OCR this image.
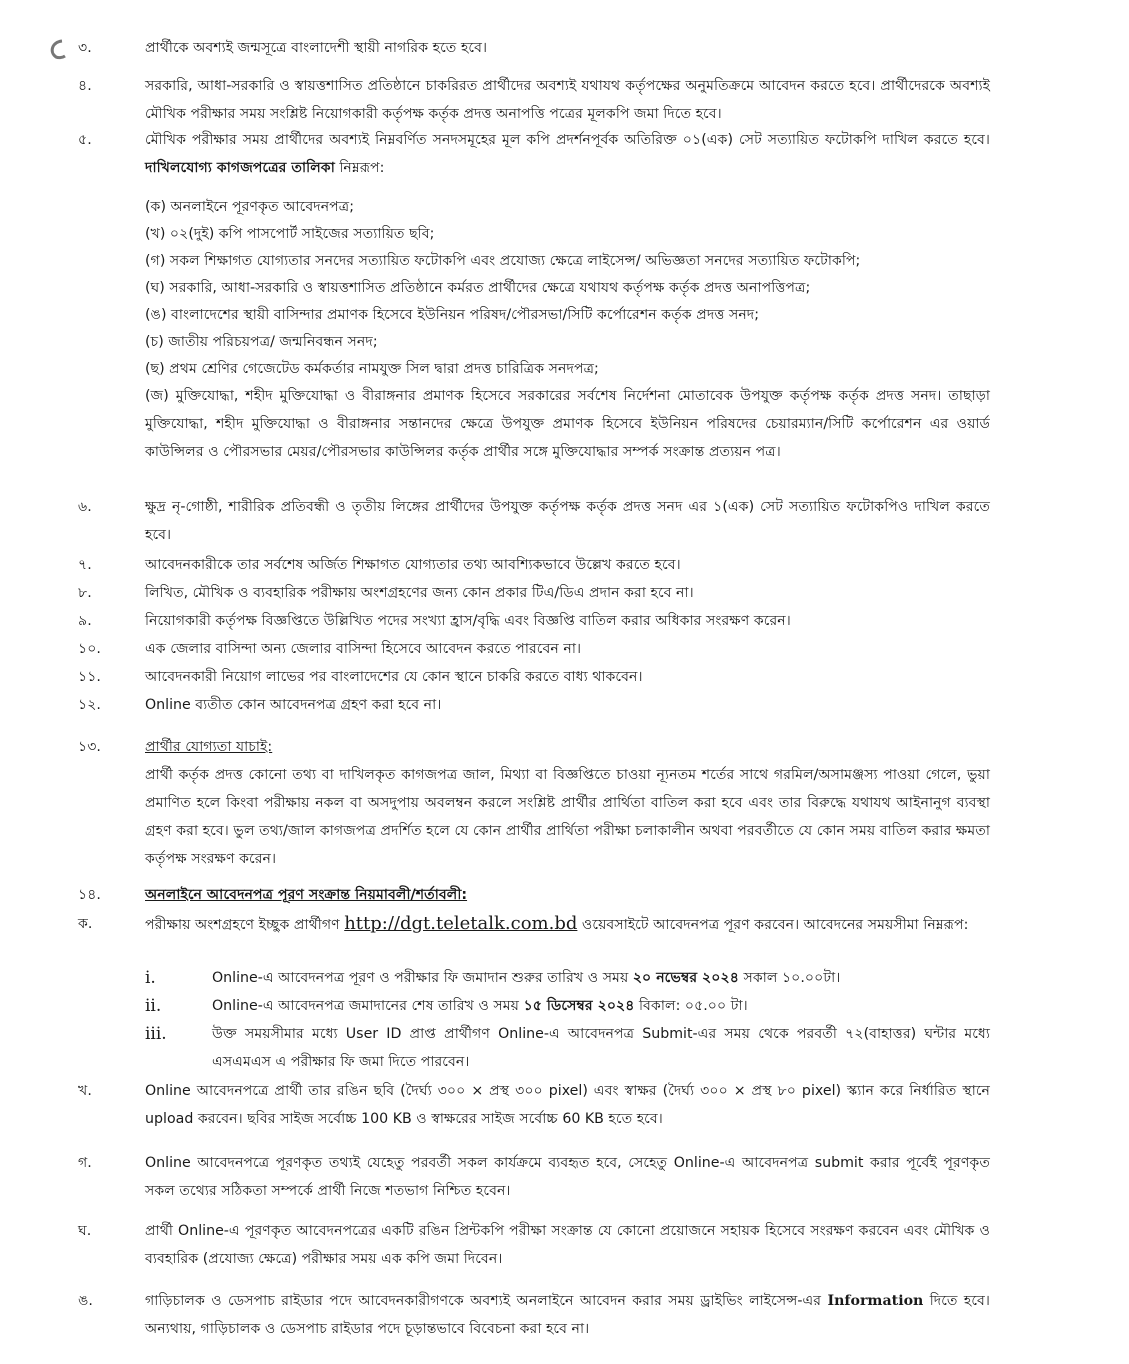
৩.	প্রার্থীকে অবশ্যই জন্মসূত্রে বাংলাদেশী স্থায়ী নাগরিক হতে হবে।
৪.	সরকারি, আধা-সরকারি ও স্বায়ত্তশাসিত প্রতিষ্ঠানে চাকরিরত প্রার্থীদের অবশ্যই যথাযথ কর্তৃপক্ষের অনুমতিক্রমে আবেদন করতে হবে। প্রার্থীদেরকে অবশ্যই মৌখিক পরীক্ষার সময় সংশ্লিষ্ট নিয়োগকারী কর্তৃপক্ষ কর্তৃক প্রদত্ত অনাপত্তি পত্রের মূলকপি জমা দিতে হবে।
৫.	মৌখিক পরীক্ষার সময় প্রার্থীদের অবশ্যই নিম্নবর্ণিত সনদসমূহের মূল কপি প্রদর্শনপূর্বক অতিরিক্ত ০১(এক) সেট সত্যায়িত ফটোকপি দাখিল করতে হবে। দাখিলযোগ্য কাগজপত্রের তালিকা নিম্নরূপ:
(ক) অনলাইনে পূরণকৃত আবেদনপত্র;
(খ) ০২(দুই) কপি পাসপোর্ট সাইজের সত্যায়িত ছবি;
(গ) সকল শিক্ষাগত যোগ্যতার সনদের সত্যায়িত ফটোকপি এবং প্রযোজ্য ক্ষেত্রে লাইসেন্স/ অভিজ্ঞতা সনদের সত্যায়িত ফটোকপি;
(ঘ) সরকারি, আধা-সরকারি ও স্বায়ত্তশাসিত প্রতিষ্ঠানে কর্মরত প্রার্থীদের ক্ষেত্রে যথাযথ কর্তৃপক্ষ কর্তৃক প্রদত্ত অনাপত্তিপত্র;
(ঙ) বাংলাদেশের স্থায়ী বাসিন্দার প্রমাণক হিসেবে ইউনিয়ন পরিষদ/পৌরসভা/সিটি কর্পোরেশন কর্তৃক প্রদত্ত সনদ;
(চ) জাতীয় পরিচয়পত্র/ জন্মনিবন্ধন সনদ;
(ছ) প্রথম শ্রেণির গেজেটেড কর্মকর্তার নামযুক্ত সিল দ্বারা প্রদত্ত চারিত্রিক সনদপত্র;
(জ) মুক্তিযোদ্ধা, শহীদ মুক্তিযোদ্ধা ও বীরাঙ্গনার প্রমাণক হিসেবে সরকারের সর্বশেষ নির্দেশনা মোতাবেক উপযুক্ত কর্তৃপক্ষ কর্তৃক প্রদত্ত সনদ। তাছাড়া মুক্তিযোদ্ধা, শহীদ মুক্তিযোদ্ধা ও বীরাঙ্গনার সন্তানদের ক্ষেত্রে উপযুক্ত প্রমাণক হিসেবে ইউনিয়ন পরিষদের চেয়ারম্যান/সিটি কর্পোরেশন এর ওয়ার্ড কাউন্সিলর ও পৌরসভার মেয়র/পৌরসভার কাউন্সিলর কর্তৃক প্রার্থীর সঙ্গে মুক্তিযোদ্ধার সম্পর্ক সংক্রান্ত প্রত্যয়ন পত্র।
৬.	ক্ষুদ্র নৃ-গোষ্ঠী, শারীরিক প্রতিবন্ধী ও তৃতীয় লিঙ্গের প্রার্থীদের উপযুক্ত কর্তৃপক্ষ কর্তৃক প্রদত্ত সনদ এর ১(এক) সেট সত্যায়িত ফটোকপিও দাখিল করতে হবে।
৭.	আবেদনকারীকে তার সর্বশেষ অর্জিত শিক্ষাগত যোগ্যতার তথ্য আবশ্যিকভাবে উল্লেখ করতে হবে।
৮.	লিখিত, মৌখিক ও ব্যবহারিক পরীক্ষায় অংশগ্রহণের জন্য কোন প্রকার টিএ/ডিএ প্রদান করা হবে না।
৯.	নিয়োগকারী কর্তৃপক্ষ বিজ্ঞপ্তিতে উল্লিখিত পদের সংখ্যা হ্রাস/বৃদ্ধি এবং বিজ্ঞপ্তি বাতিল করার অধিকার সংরক্ষণ করেন।
১০.	এক জেলার বাসিন্দা অন্য জেলার বাসিন্দা হিসেবে আবেদন করতে পারবেন না।
১১.	আবেদনকারী নিয়োগ লাভের পর বাংলাদেশের যে কোন স্থানে চাকরি করতে বাধ্য থাকবেন।
১২.	Online ব্যতীত কোন আবেদনপত্র গ্রহণ করা হবে না।
১৩.	প্রার্থীর যোগ্যতা যাচাই:
প্রার্থী কর্তৃক প্রদত্ত কোনো তথ্য বা দাখিলকৃত কাগজপত্র জাল, মিথ্যা বা বিজ্ঞপ্তিতে চাওয়া ন্যূনতম শর্তের সাথে গরমিল/অসামঞ্জস্য পাওয়া গেলে, ভুয়া প্রমাণিত হলে কিংবা পরীক্ষায় নকল বা অসদুপায় অবলম্বন করলে সংশ্লিষ্ট প্রার্থীর প্রার্থিতা বাতিল করা হবে এবং তার বিরুদ্ধে যথাযথ আইনানুগ ব্যবস্থা গ্রহণ করা হবে। ভুল তথ্য/জাল কাগজপত্র প্রদর্শিত হলে যে কোন প্রার্থীর প্রার্থিতা পরীক্ষা চলাকালীন অথবা পরবর্তীতে যে কোন সময় বাতিল করার ক্ষমতা কর্তৃপক্ষ সংরক্ষণ করেন।
১৪.	অনলাইনে আবেদনপত্র পূরণ সংক্রান্ত নিয়মাবলী/শর্তাবলী:
ক.	পরীক্ষায় অংশগ্রহণে ইচ্ছুক প্রার্থীগণ http://dgt.teletalk.com.bd ওয়েবসাইটে আবেদনপত্র পূরণ করবেন। আবেদনের সময়সীমা নিম্নরূপ:
i.	Online-এ আবেদনপত্র পূরণ ও পরীক্ষার ফি জমাদান শুরুর তারিখ ও সময় ২০ নভেম্বর ২০২৪ সকাল ১০.০০টা।
ii.	Online-এ আবেদনপত্র জমাদানের শেষ তারিখ ও সময় ১৫ ডিসেম্বর ২০২৪ বিকাল: ০৫.০০ টা।
iii.	উক্ত সময়সীমার মধ্যে User ID প্রাপ্ত প্রার্থীগণ Online-এ আবেদনপত্র Submit-এর সময় থেকে পরবর্তী ৭২(বাহাত্তর) ঘন্টার মধ্যে এসএমএস এ পরীক্ষার ফি জমা দিতে পারবেন।
খ.	Online আবেদনপত্রে প্রার্থী তার রঙিন ছবি (দৈর্ঘ্য ৩০০ × প্রস্থ ৩০০ pixel) এবং স্বাক্ষর (দৈর্ঘ্য ৩০০ × প্রস্থ ৮০ pixel) স্ক্যান করে নির্ধারিত স্থানে upload করবেন। ছবির সাইজ সর্বোচ্চ 100 KB ও স্বাক্ষরের সাইজ সর্বোচ্চ 60 KB হতে হবে।
গ.	Online আবেদনপত্রে পূরণকৃত তথ্যই যেহেতু পরবর্তী সকল কার্যক্রমে ব্যবহৃত হবে, সেহেতু Online-এ আবেদনপত্র submit করার পূর্বেই পূরণকৃত সকল তথ্যের সঠিকতা সম্পর্কে প্রার্থী নিজে শতভাগ নিশ্চিত হবেন।
ঘ.	প্রার্থী Online-এ পূরণকৃত আবেদনপত্রের একটি রঙিন প্রিন্টকপি পরীক্ষা সংক্রান্ত যে কোনো প্রয়োজনে সহায়ক হিসেবে সংরক্ষণ করবেন এবং মৌখিক ও ব্যবহারিক (প্রযোজ্য ক্ষেত্রে) পরীক্ষার সময় এক কপি জমা দিবেন।
ঙ.	গাড়িচালক ও ডেসপাচ রাইডার পদে আবেদনকারীগণকে অবশ্যই অনলাইনে আবেদন করার সময় ড্রাইভিং লাইসেন্স-এর Information দিতে হবে। অন্যথায়, গাড়িচালক ও ডেসপাচ রাইডার পদে চূড়ান্তভাবে বিবেচনা করা হবে না।
